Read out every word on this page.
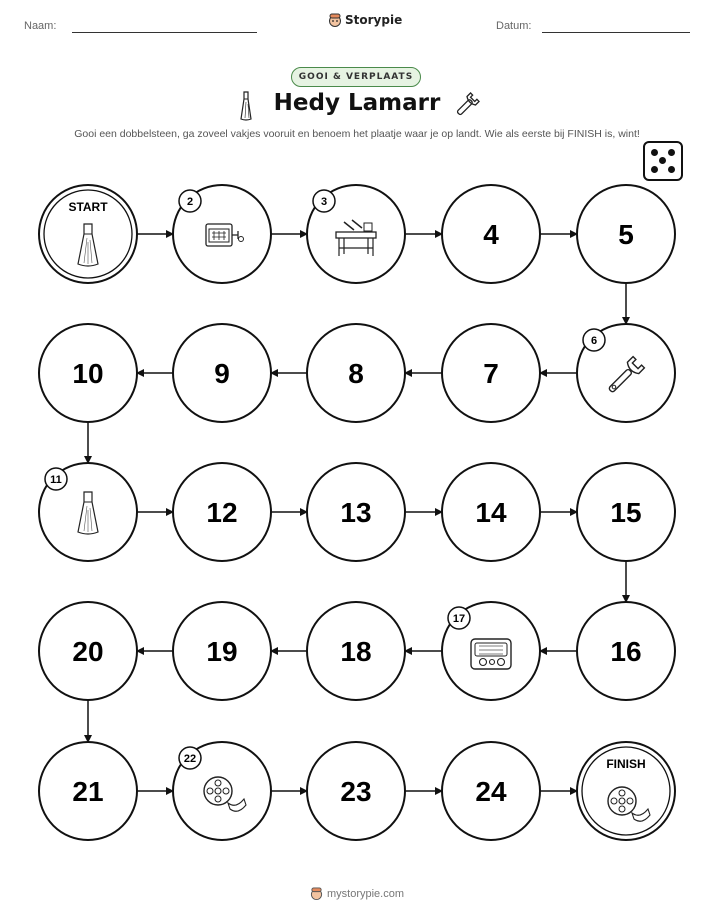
Naam:	Storypie	Datum:
GOOI & VERPLAATS
Hedy Lamarr
Gooi een dobbelsteen, ga zoveel vakjes vooruit en benoem het plaatje waar je op landt. Wie als eerste bij FINISH is, wint!
START	2	3
4	5
6
7
8
9
10
11
12	13	14	15
16
17
18
19
20
21
22
23	24
FINISH
mystorypie.com
